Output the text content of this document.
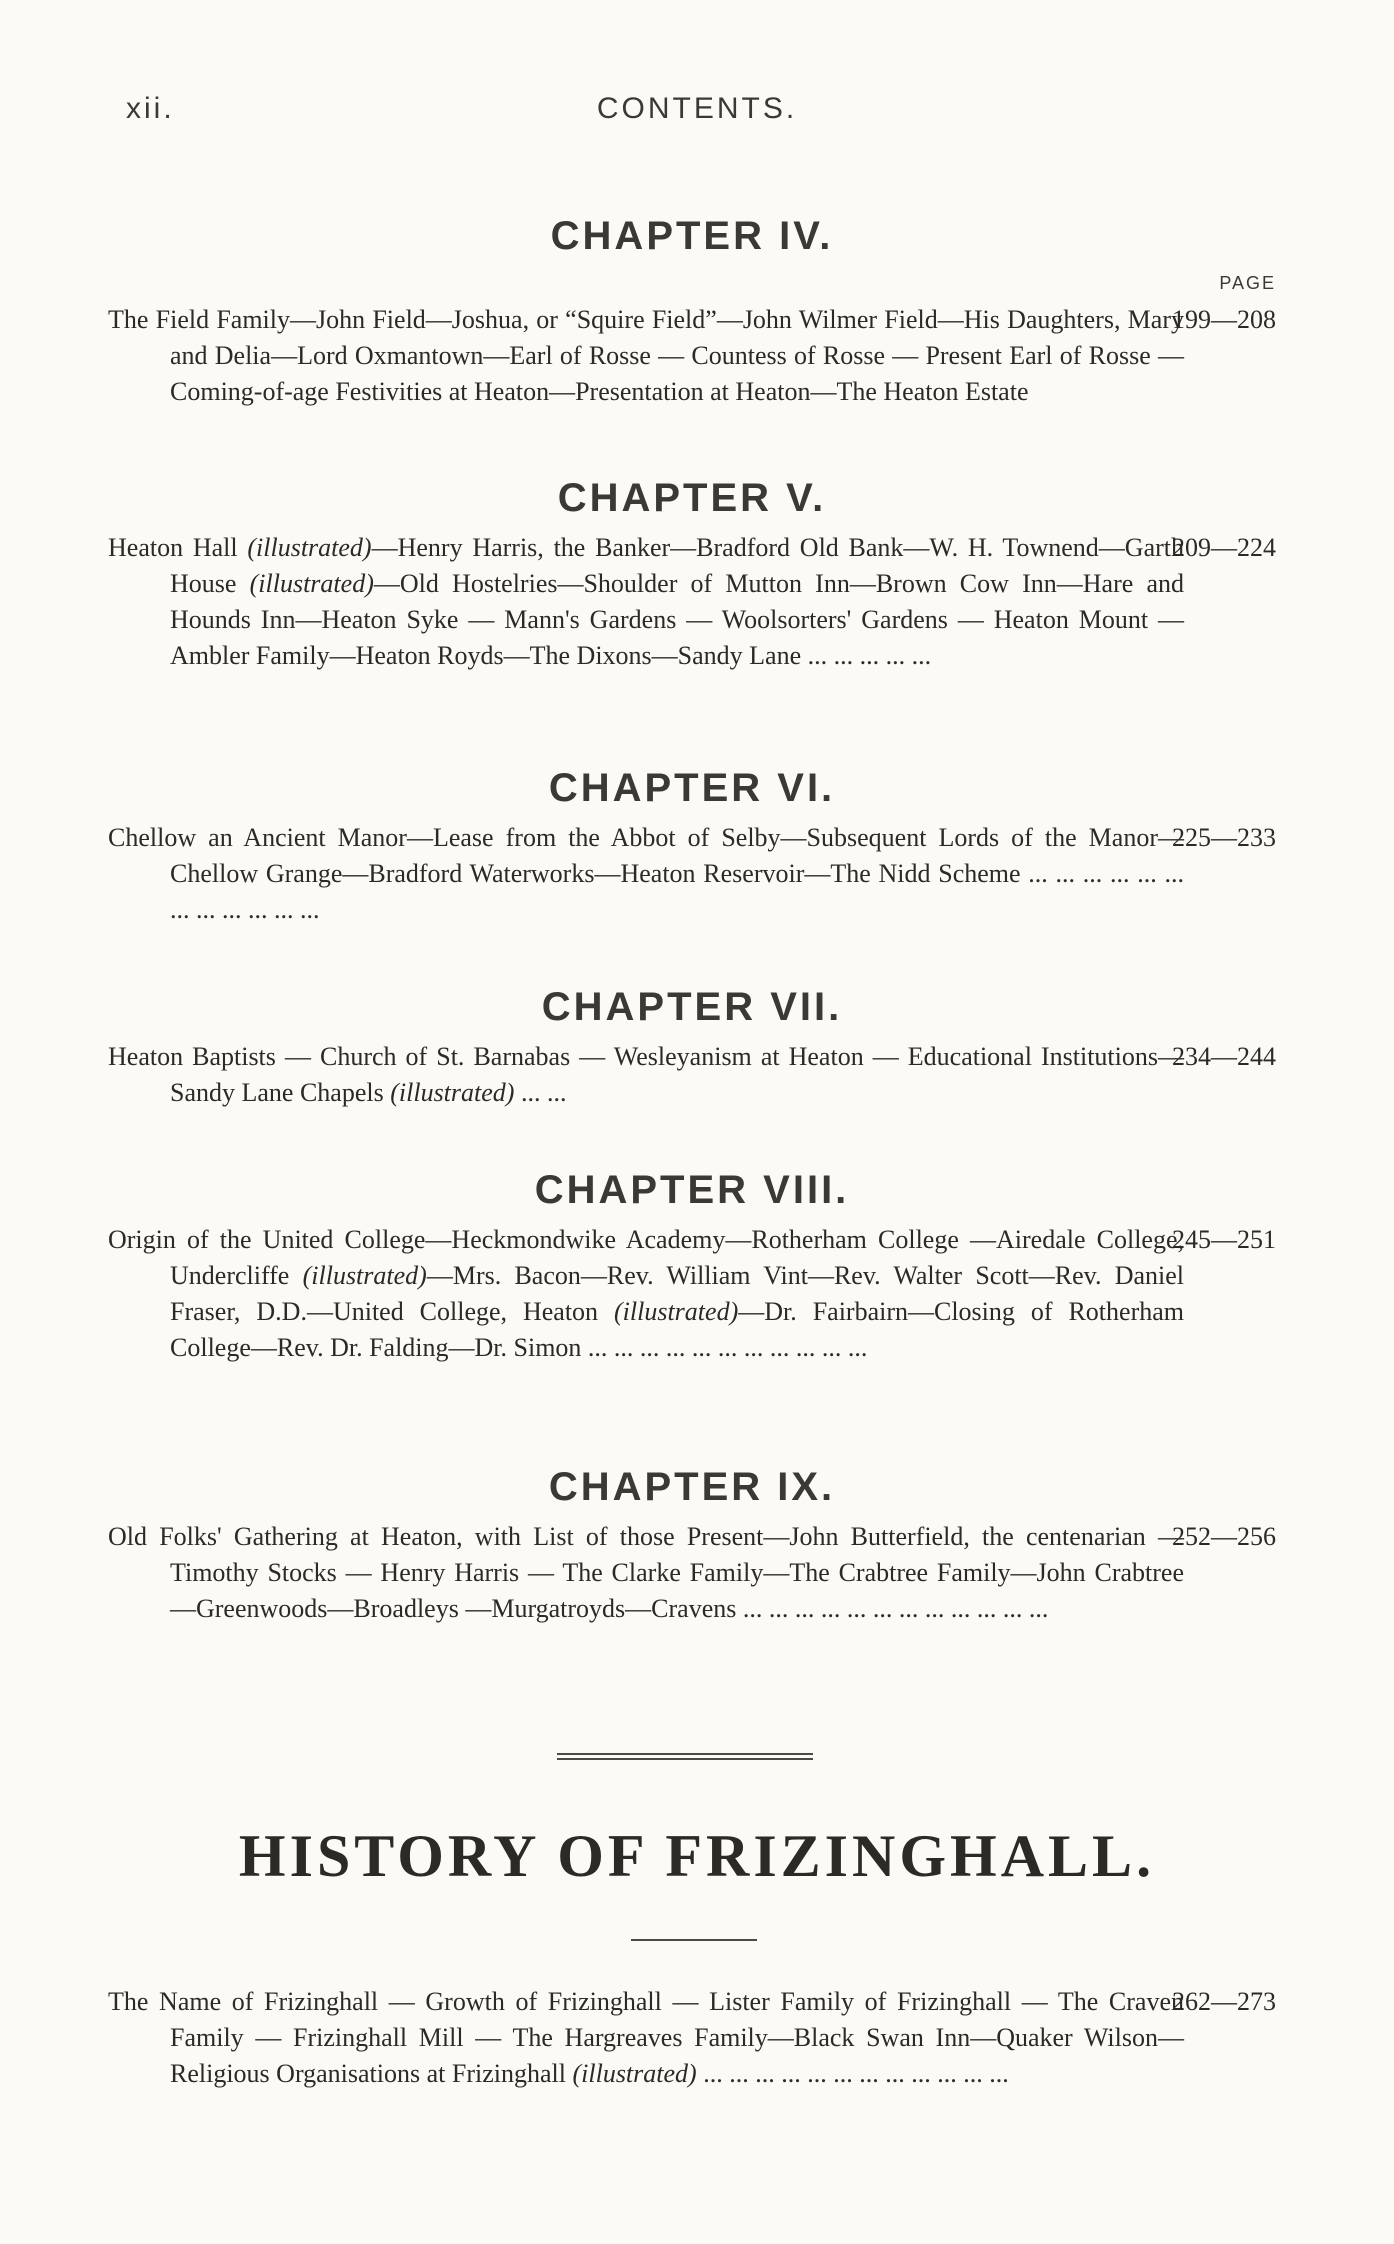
xii.	CONTENTS.
CHAPTER IV.
PAGE
199—208
The Field Family—John Field—Joshua, or “Squire Field”—John Wilmer Field—His Daughters, Mary and Delia—Lord Oxmantown—Earl of Rosse — Countess of Rosse — Present Earl of Rosse — Coming-of-age Festivities at Heaton—Presentation at Heaton—The Heaton Estate
CHAPTER V.
209—224
Heaton Hall (illustrated)—Henry Harris, the Banker—Bradford Old Bank—W. H. Townend—Garth House (illustrated)—Old Hostelries—Shoulder of Mutton Inn—Brown Cow Inn—Hare and Hounds Inn—Heaton Syke — Mann's Gardens — Woolsorters' Gardens — Heaton Mount — Ambler Family—Heaton Royds—The Dixons—Sandy Lane ... ... ... ... ...
CHAPTER VI.
225—233
Chellow an Ancient Manor—Lease from the Abbot of Selby—Subsequent Lords of the Manor—Chellow Grange—Bradford Waterworks—Heaton Reservoir—The Nidd Scheme ... ... ... ... ... ... ... ... ... ... ... ...
CHAPTER VII.
234—244
Heaton Baptists — Church of St. Barnabas — Wesleyanism at Heaton — Educational Institutions—Sandy Lane Chapels (illustrated) ... ...
CHAPTER VIII.
245—251
Origin of the United College—Heckmondwike Academy—Rotherham College —Airedale College, Undercliffe (illustrated)—Mrs. Bacon—Rev. William Vint—Rev. Walter Scott—Rev. Daniel Fraser, D.D.—United College, Heaton (illustrated)—Dr. Fairbairn—Closing of Rotherham College—Rev. Dr. Falding—Dr. Simon ... ... ... ... ... ... ... ... ... ... ...
CHAPTER IX.
252—256
Old Folks' Gathering at Heaton, with List of those Present—John Butterfield, the centenarian — Timothy Stocks — Henry Harris — The Clarke Family—The Crabtree Family—John Crabtree—Greenwoods—Broadleys —Murgatroyds—Cravens ... ... ... ... ... ... ... ... ... ... ... ...
HISTORY OF FRIZINGHALL.
262—273
The Name of Frizinghall — Growth of Frizinghall — Lister Family of Frizinghall — The Craven Family — Frizinghall Mill — The Hargreaves Family—Black Swan Inn—Quaker Wilson—Religious Organisations at Frizinghall (illustrated) ... ... ... ... ... ... ... ... ... ... ... ...
